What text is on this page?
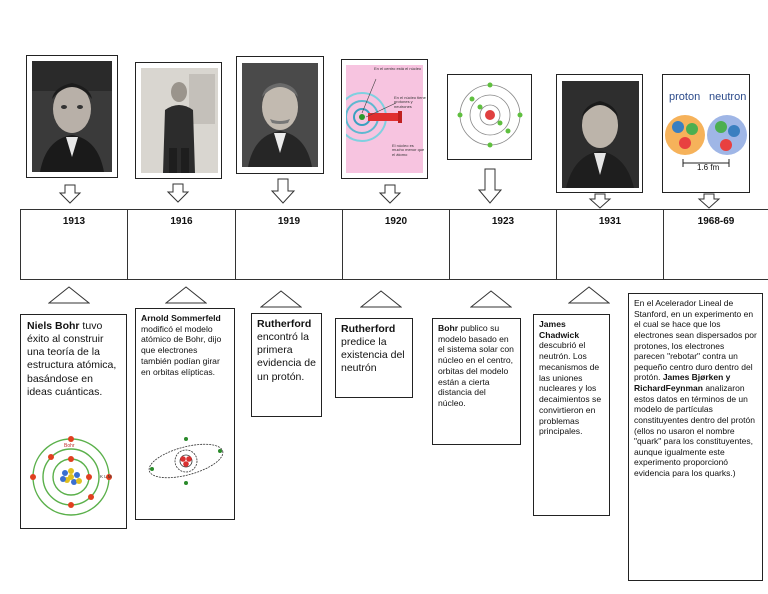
En el centro está el núcleo
En el núcleo tiene protones y neutrones
El núcleo es mucho menor que el átomo
proton neutron
1.6 fm
1913	1916	1919	1920	1923	1931	1968-69
Niels Bohr tuvo éxito al construir una teoría de la estructura atómica, basándose en ideas cuánticas.
Bohr
K L M
Arnold Sommerfeld modificó el modelo atómico de Bohr, dijo que electrones también podían girar en orbitas elípticas.
Rutherford encontró la primera evidencia de un protón.
Rutherford predice la existencia del neutrón
Bohr publico su modelo basado en el sistema solar con núcleo en el centro, orbitas del modelo están a cierta distancia del núcleo.
James Chadwick descubrió el neutrón. Los mecanismos de las uniones nucleares y los decaimientos se convirtieron en problemas principales.
En el Acelerador Lineal de Stanford, en un experimento en el cual se hace que los electrones sean dispersados por protones, los electrones parecen "rebotar" contra un pequeño centro duro dentro del protón. James Bjørken y RichardFeynman analizaron estos datos en términos de un modelo de partículas constituyentes dentro del protón (ellos no usaron el nombre "quark" para los constituyentes, aunque igualmente este experimento proporcionó evidencia para los quarks.)
